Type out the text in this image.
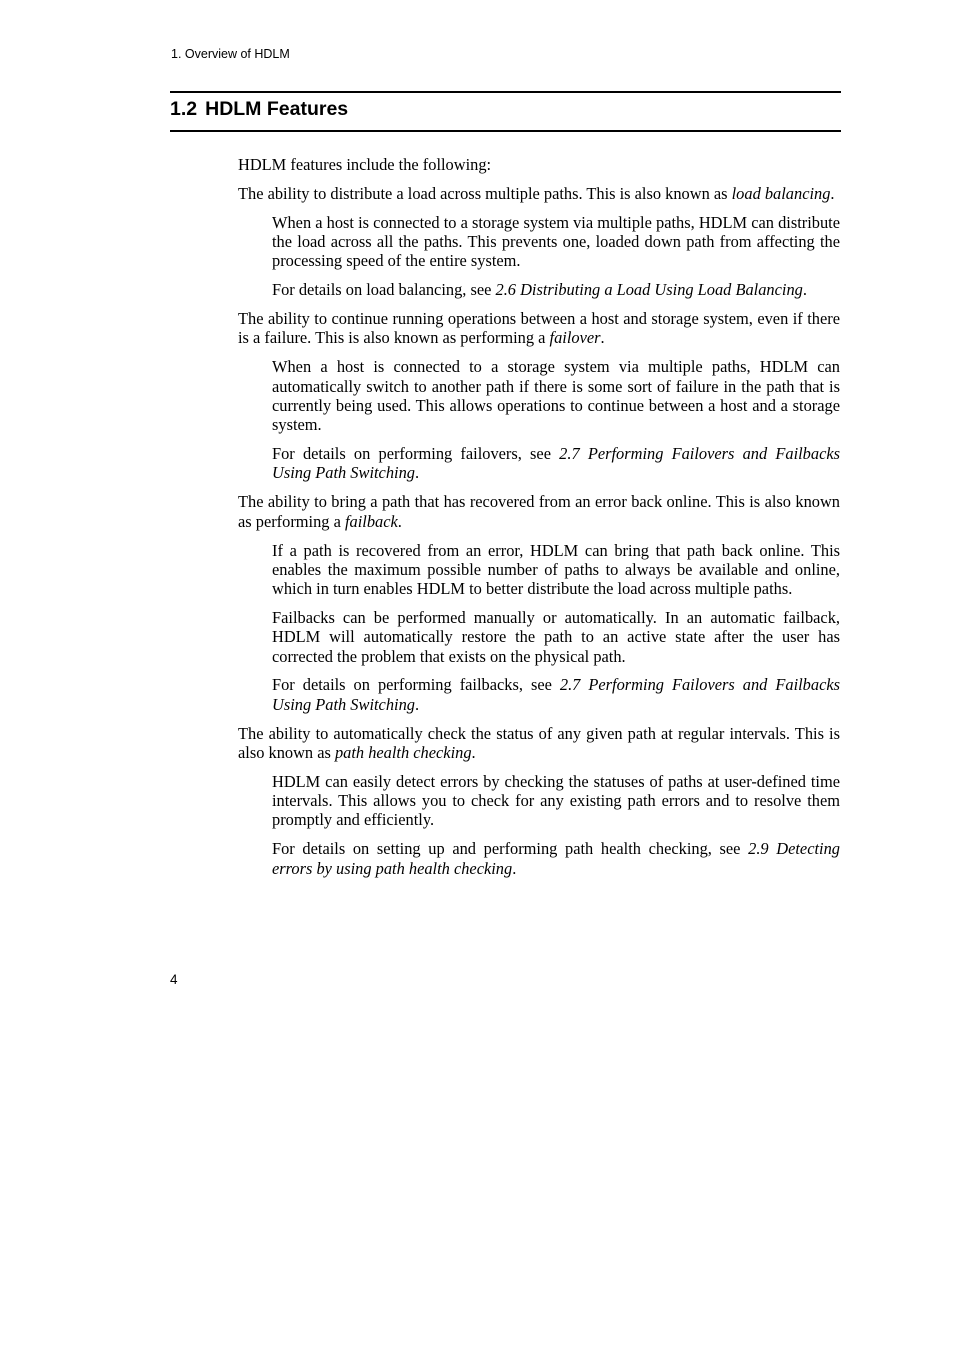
1. Overview of HDLM
1.2 HDLM Features

HDLM features include the following:

The ability to distribute a load across multiple paths. This is also known as load balancing.

When a host is connected to a storage system via multiple paths, HDLM can distribute the load across all the paths. This prevents one, loaded down path from affecting the processing speed of the entire system.

For details on load balancing, see 2.6 Distributing a Load Using Load Balancing.

The ability to continue running operations between a host and storage system, even if there is a failure. This is also known as performing a failover.

When a host is connected to a storage system via multiple paths, HDLM can automatically switch to another path if there is some sort of failure in the path that is currently being used. This allows operations to continue between a host and a storage system.

For details on performing failovers, see 2.7 Performing Failovers and Failbacks Using Path Switching.

The ability to bring a path that has recovered from an error back online. This is also known as performing a failback.

If a path is recovered from an error, HDLM can bring that path back online. This enables the maximum possible number of paths to always be available and online, which in turn enables HDLM to better distribute the load across multiple paths.

Failbacks can be performed manually or automatically. In an automatic failback, HDLM will automatically restore the path to an active state after the user has corrected the problem that exists on the physical path.

For details on performing failbacks, see 2.7 Performing Failovers and Failbacks Using Path Switching.

The ability to automatically check the status of any given path at regular intervals. This is also known as path health checking.

HDLM can easily detect errors by checking the statuses of paths at user-defined time intervals. This allows you to check for any existing path errors and to resolve them promptly and efficiently.

For details on setting up and performing path health checking, see 2.9 Detecting errors by using path health checking.

4
